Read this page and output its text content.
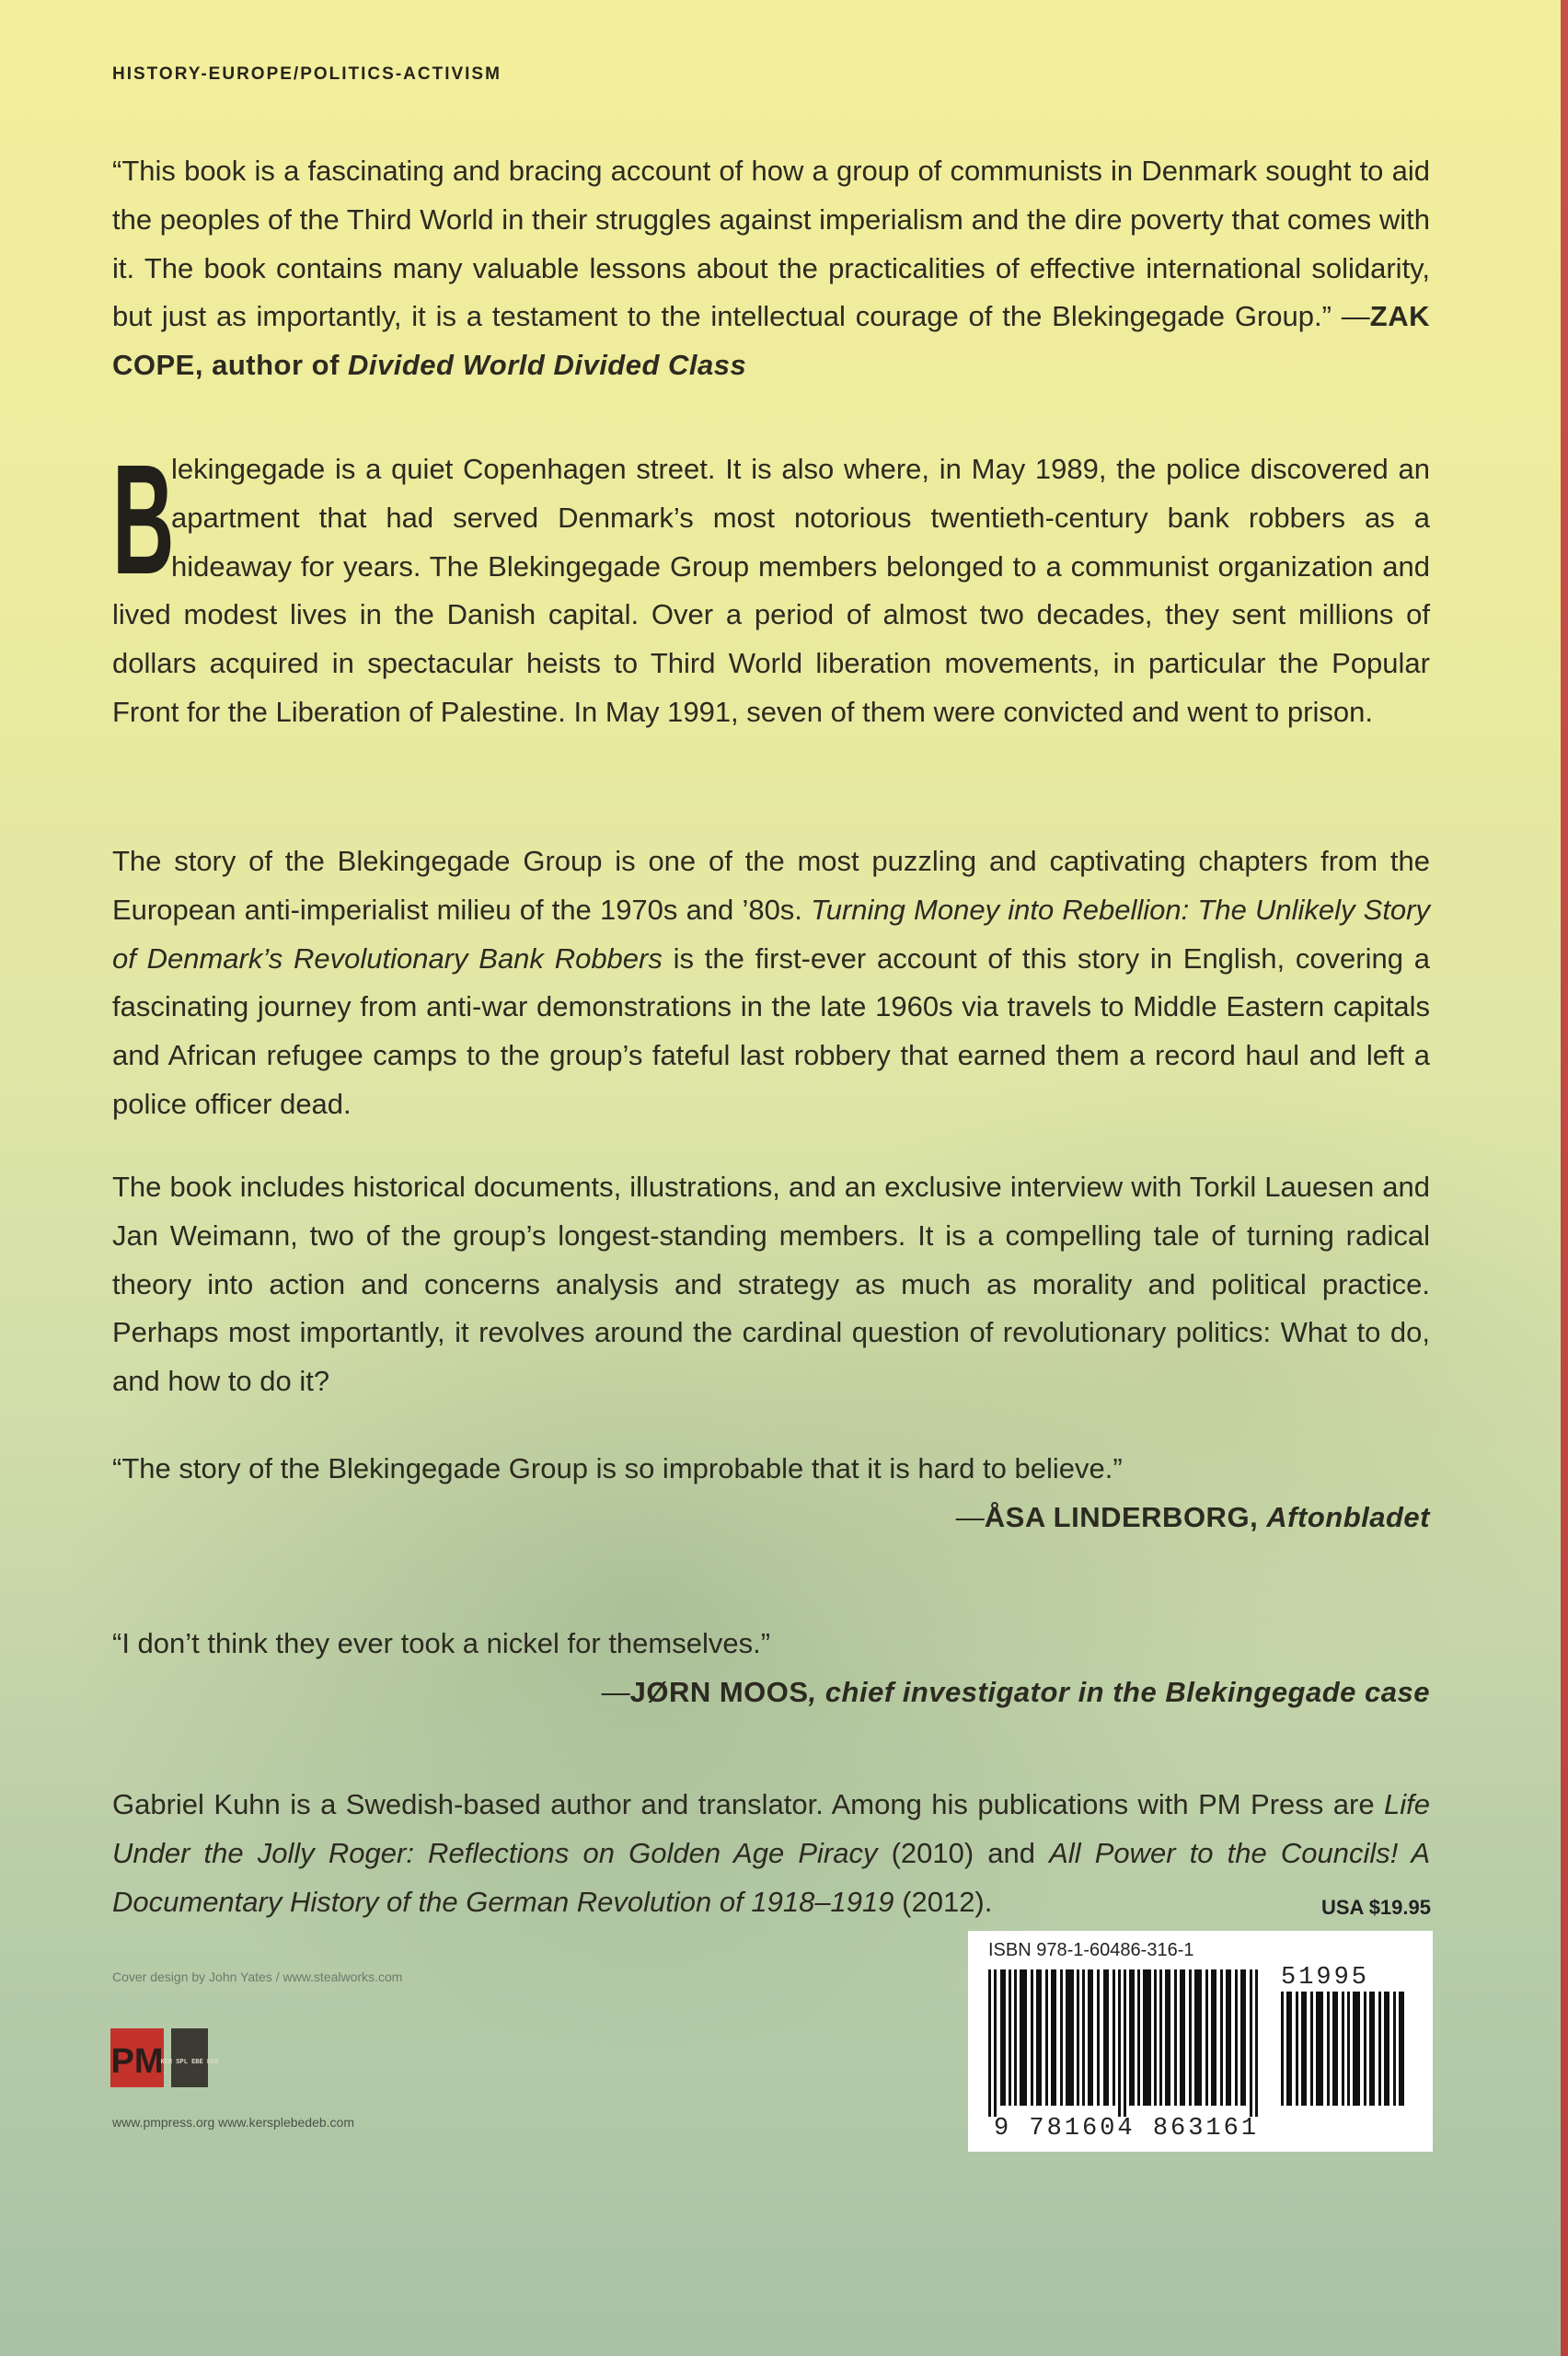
HISTORY-EUROPE/POLITICS-ACTIVISM
“This book is a fascinating and bracing account of how a group of communists in Denmark sought to aid the peoples of the Third World in their struggles against imperialism and the dire poverty that comes with it. The book contains many valuable lessons about the practicalities of effective international solidarity, but just as importantly, it is a testament to the intellectual courage of the Blekingegade Group.” —ZAK COPE, author of Divided World Divided Class
B
lekingegade is a quiet Copenhagen street. It is also where, in May 1989, the police discovered an apartment that had served Denmark’s most notorious twentieth-century bank robbers as a hideaway for years. The Blekingegade Group members belonged to a communist organization and lived modest lives in the Danish capital. Over a period of almost two decades, they sent millions of dollars acquired in spectacular heists to Third World liberation movements, in particular the Popular Front for the Liberation of Palestine. In May 1991, seven of them were convicted and went to prison.
The story of the Blekingegade Group is one of the most puzzling and captivating chapters from the European anti-imperialist milieu of the 1970s and ’80s. Turning Money into Rebellion: The Unlikely Story of Denmark’s Revolutionary Bank Robbers is the first-ever account of this story in English, covering a fascinating journey from anti-war demonstrations in the late 1960s via travels to Middle Eastern capitals and African refugee camps to the group’s fateful last robbery that earned them a record haul and left a police officer dead.
The book includes historical documents, illustrations, and an exclusive interview with Torkil Lauesen and Jan Weimann, two of the group’s longest-standing members. It is a compelling tale of turning radical theory into action and concerns analysis and strategy as much as morality and political practice. Perhaps most importantly, it revolves around the cardinal question of revolutionary politics: What to do, and how to do it?
“The story of the Blekingegade Group is so improbable that it is hard to believe.”
—ÅSA LINDERBORG, Aftonbladet
“I don’t think they ever took a nickel for themselves.”
—JØRN MOOS, chief investigator in the Blekingegade case
Gabriel Kuhn is a Swedish-based author and translator. Among his publications with PM Press are Life Under the Jolly Roger: Reflections on Golden Age Piracy (2010) and All Power to the Councils! A Documentary History of the German Revolution of 1918–1919 (2012).
Cover design by John Yates / www.stealworks.com
PM
KER SPL EBE DEB
www.pmpress.org www.kersplebedeb.com
USA $19.95
ISBN 978-1-60486-316-1
51995
9 781604 863161
